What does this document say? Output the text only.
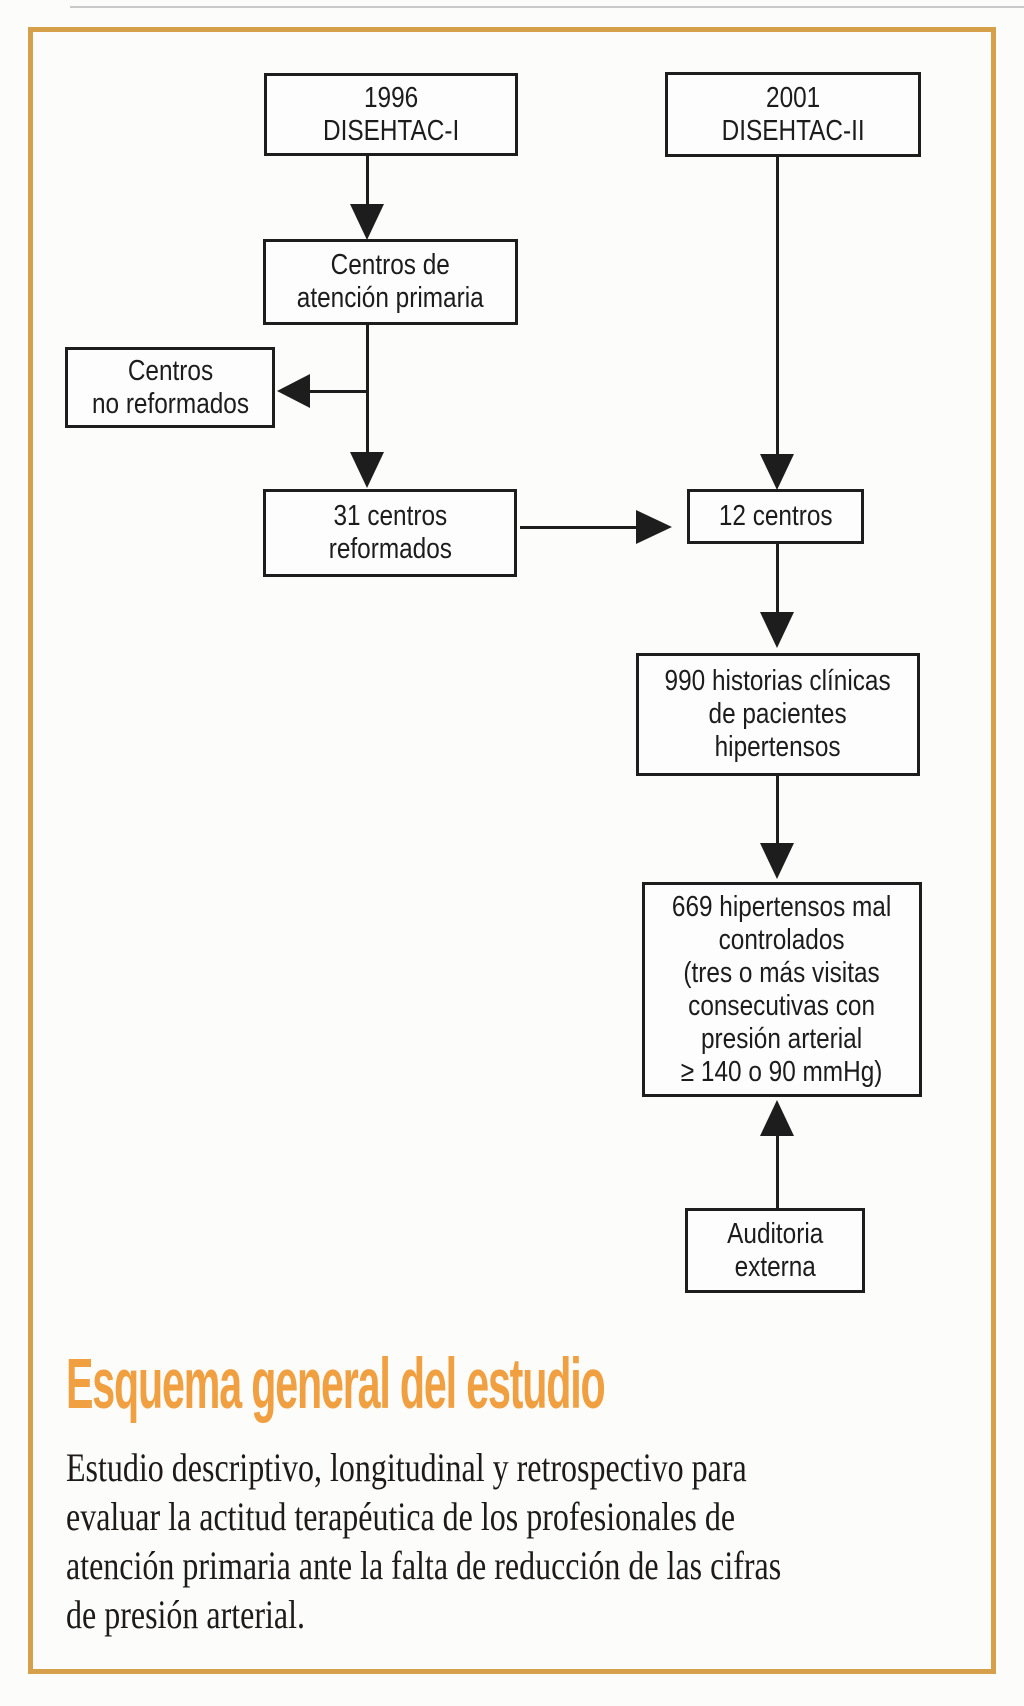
1996
DISEHTAC-I
2001
DISEHTAC-II
Centros de
atención primaria
Centros
no reformados
31 centros
reformados
12 centros
990 historias clínicas
de pacientes
hipertensos
669 hipertensos mal
controlados
(tres o más visitas
consecutivas con
presión arterial
≥ 140 o 90 mmHg)
Auditoria
externa
Esquema general del estudio
Estudio descriptivo, longitudinal y retrospectivo para
evaluar la actitud terapéutica de los profesionales de
atención primaria ante la falta de reducción de las cifras
de presión arterial.
